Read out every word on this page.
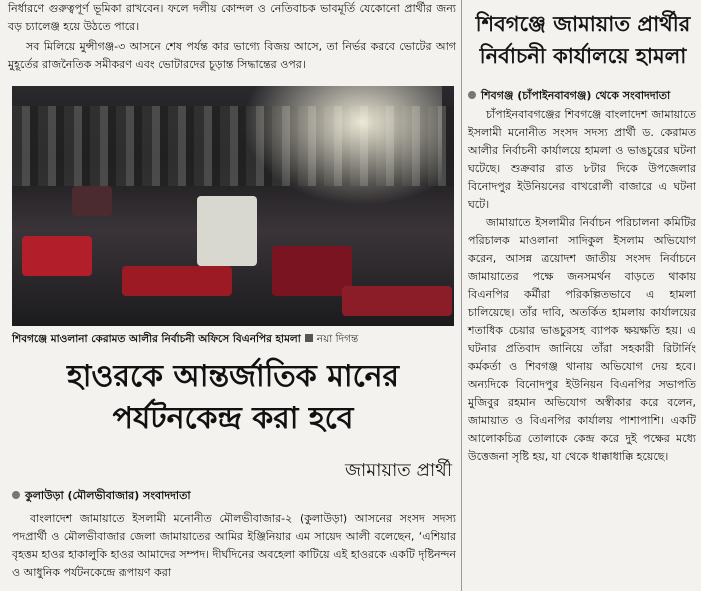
নির্ধারণে গুরুত্বপূর্ণ ভূমিকা রাখবেন। ফলে দলীয় কোন্দল ও নেতিবাচক ভাবমূর্তি যেকোনো প্রার্থীর জন্য বড় চ্যালেঞ্জ হয়ে উঠতে পারে।

সব মিলিয়ে মুন্সীগঞ্জ-৩ আসনে শেষ পর্যন্ত কার ভাগ্যে বিজয় আসে, তা নির্ভর করবে ভোটের আগ মুহূর্তের রাজনৈতিক সমীকরণ এবং ভোটারদের চূড়ান্ত সিদ্ধান্তের ওপর।

শিবগঞ্জে মাওলানা কেরামত আলীর নির্বাচনী অফিসে বিএনপির হামলা নয়া দিগন্ত
হাওরকে আন্তর্জাতিক মানের
পর্যটনকেন্দ্র করা হবে
জামায়াত প্রার্থী
কুলাউড়া (মৌলভীবাজার) সংবাদদাতা

বাংলাদেশ জামায়াতে ইসলামী মনোনীত মৌলভীবাজার-২ (কুলাউড়া) আসনের সংসদ সদস্য পদপ্রার্থী ও মৌলভীবাজার জেলা জামায়াতের আমির ইঞ্জিনিয়ার এম সায়েদ আলী বলেছেন, ‘এশিয়ার বৃহত্তম হাওর হাকালুকি হাওর আমাদের সম্পদ। দীর্ঘদিনের অবহেলা কাটিয়ে এই হাওরকে একটি দৃষ্টিনন্দন ও আধুনিক পর্যটনকেন্দ্রে রূপায়ণ করা

শিবগঞ্জে জামায়াত প্রার্থীর
নির্বাচনী কার্যালয়ে হামলা
শিবগঞ্জ (চাঁপাইনবাবগঞ্জ) থেকে সংবাদদাতা

চাঁপাইনবাবগঞ্জের শিবগঞ্জে বাংলাদেশ জামায়াতে ইসলামী মনোনীত সংসদ সদস্য প্রার্থী ড. কেরামত আলীর নির্বাচনী কার্যালয়ে হামলা ও ভাঙচুরের ঘটনা ঘটেছে। শুক্রবার রাত ৮টার দিকে উপজেলার বিনোদপুর ইউনিয়নের বাখরোলী বাজারে এ ঘটনা ঘটে।

জামায়াতে ইসলামীর নির্বাচন পরিচালনা কমিটির পরিচালক মাওলানা সাদিকুল ইসলাম অভিযোগ করেন, আসন্ন ত্রয়োদশ জাতীয় সংসদ নির্বাচনে জামায়াতের পক্ষে জনসমর্থন বাড়তে থাকায় বিএনপির কর্মীরা পরিকল্পিতভাবে এ হামলা চালিয়েছে। তাঁর দাবি, অতর্কিত হামলায় কার্যালয়ের শতাধিক চেয়ার ভাঙচুরসহ ব্যাপক ক্ষয়ক্ষতি হয়। এ ঘটনার প্রতিবাদ জানিয়ে তাঁরা সহকারী রিটার্নিং কর্মকর্তা ও শিবগঞ্জ থানায় অভিযোগ দেয় হবে। অন্যদিকে বিনোদপুর ইউনিয়ন বিএনপির সভাপতি মুজিবুর রহমান অভিযোগ অস্বীকার করে বলেন, জামায়াত ও বিএনপির কার্যালয় পাশাপাশি। একটি আলোকচিত্র তোলাকে কেন্দ্র করে দুই পক্ষের মধ্যে উত্তেজনা সৃষ্টি হয়, যা থেকে ধাক্কাধাক্কি হয়েছে।
